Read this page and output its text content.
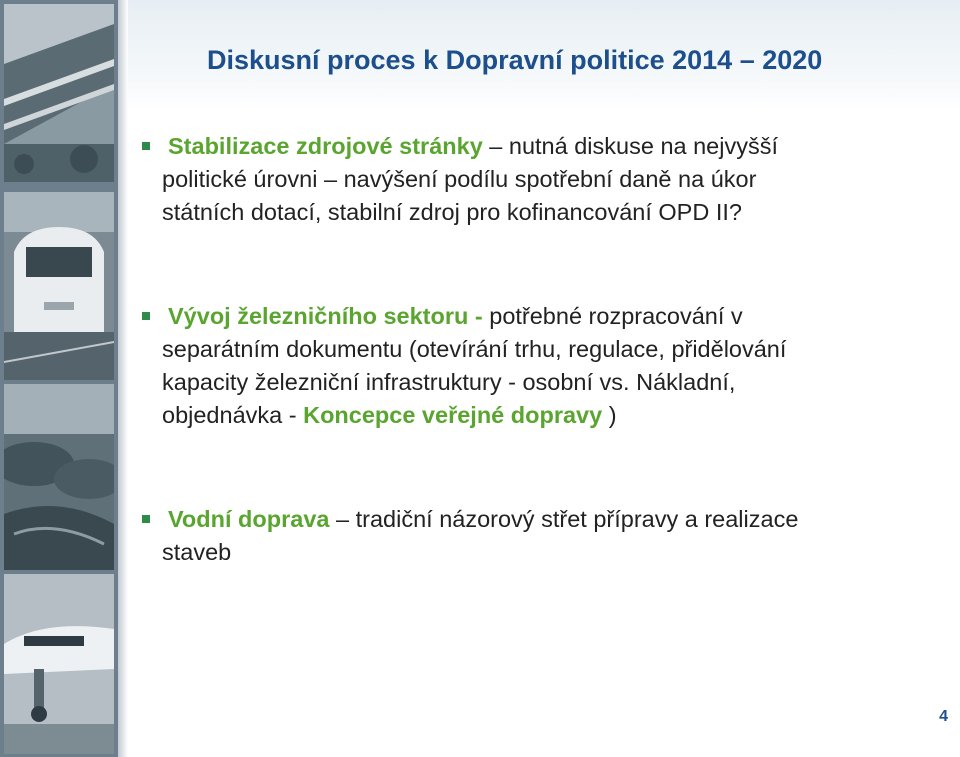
Diskusní proces k Dopravní politice 2014 – 2020
Stabilizace zdrojové stránky – nutná diskuse na nejvyšší
politické úrovni – navýšení podílu spotřební daně na úkor
státních dotací, stabilní zdroj pro kofinancování OPD II?
Vývoj železničního sektoru - potřebné rozpracování v
separátním dokumentu (otevírání trhu, regulace, přidělování
kapacity železniční infrastruktury - osobní vs. Nákladní,
objednávka - Koncepce veřejné dopravy )
Vodní doprava – tradiční názorový střet přípravy a realizace
staveb
4
